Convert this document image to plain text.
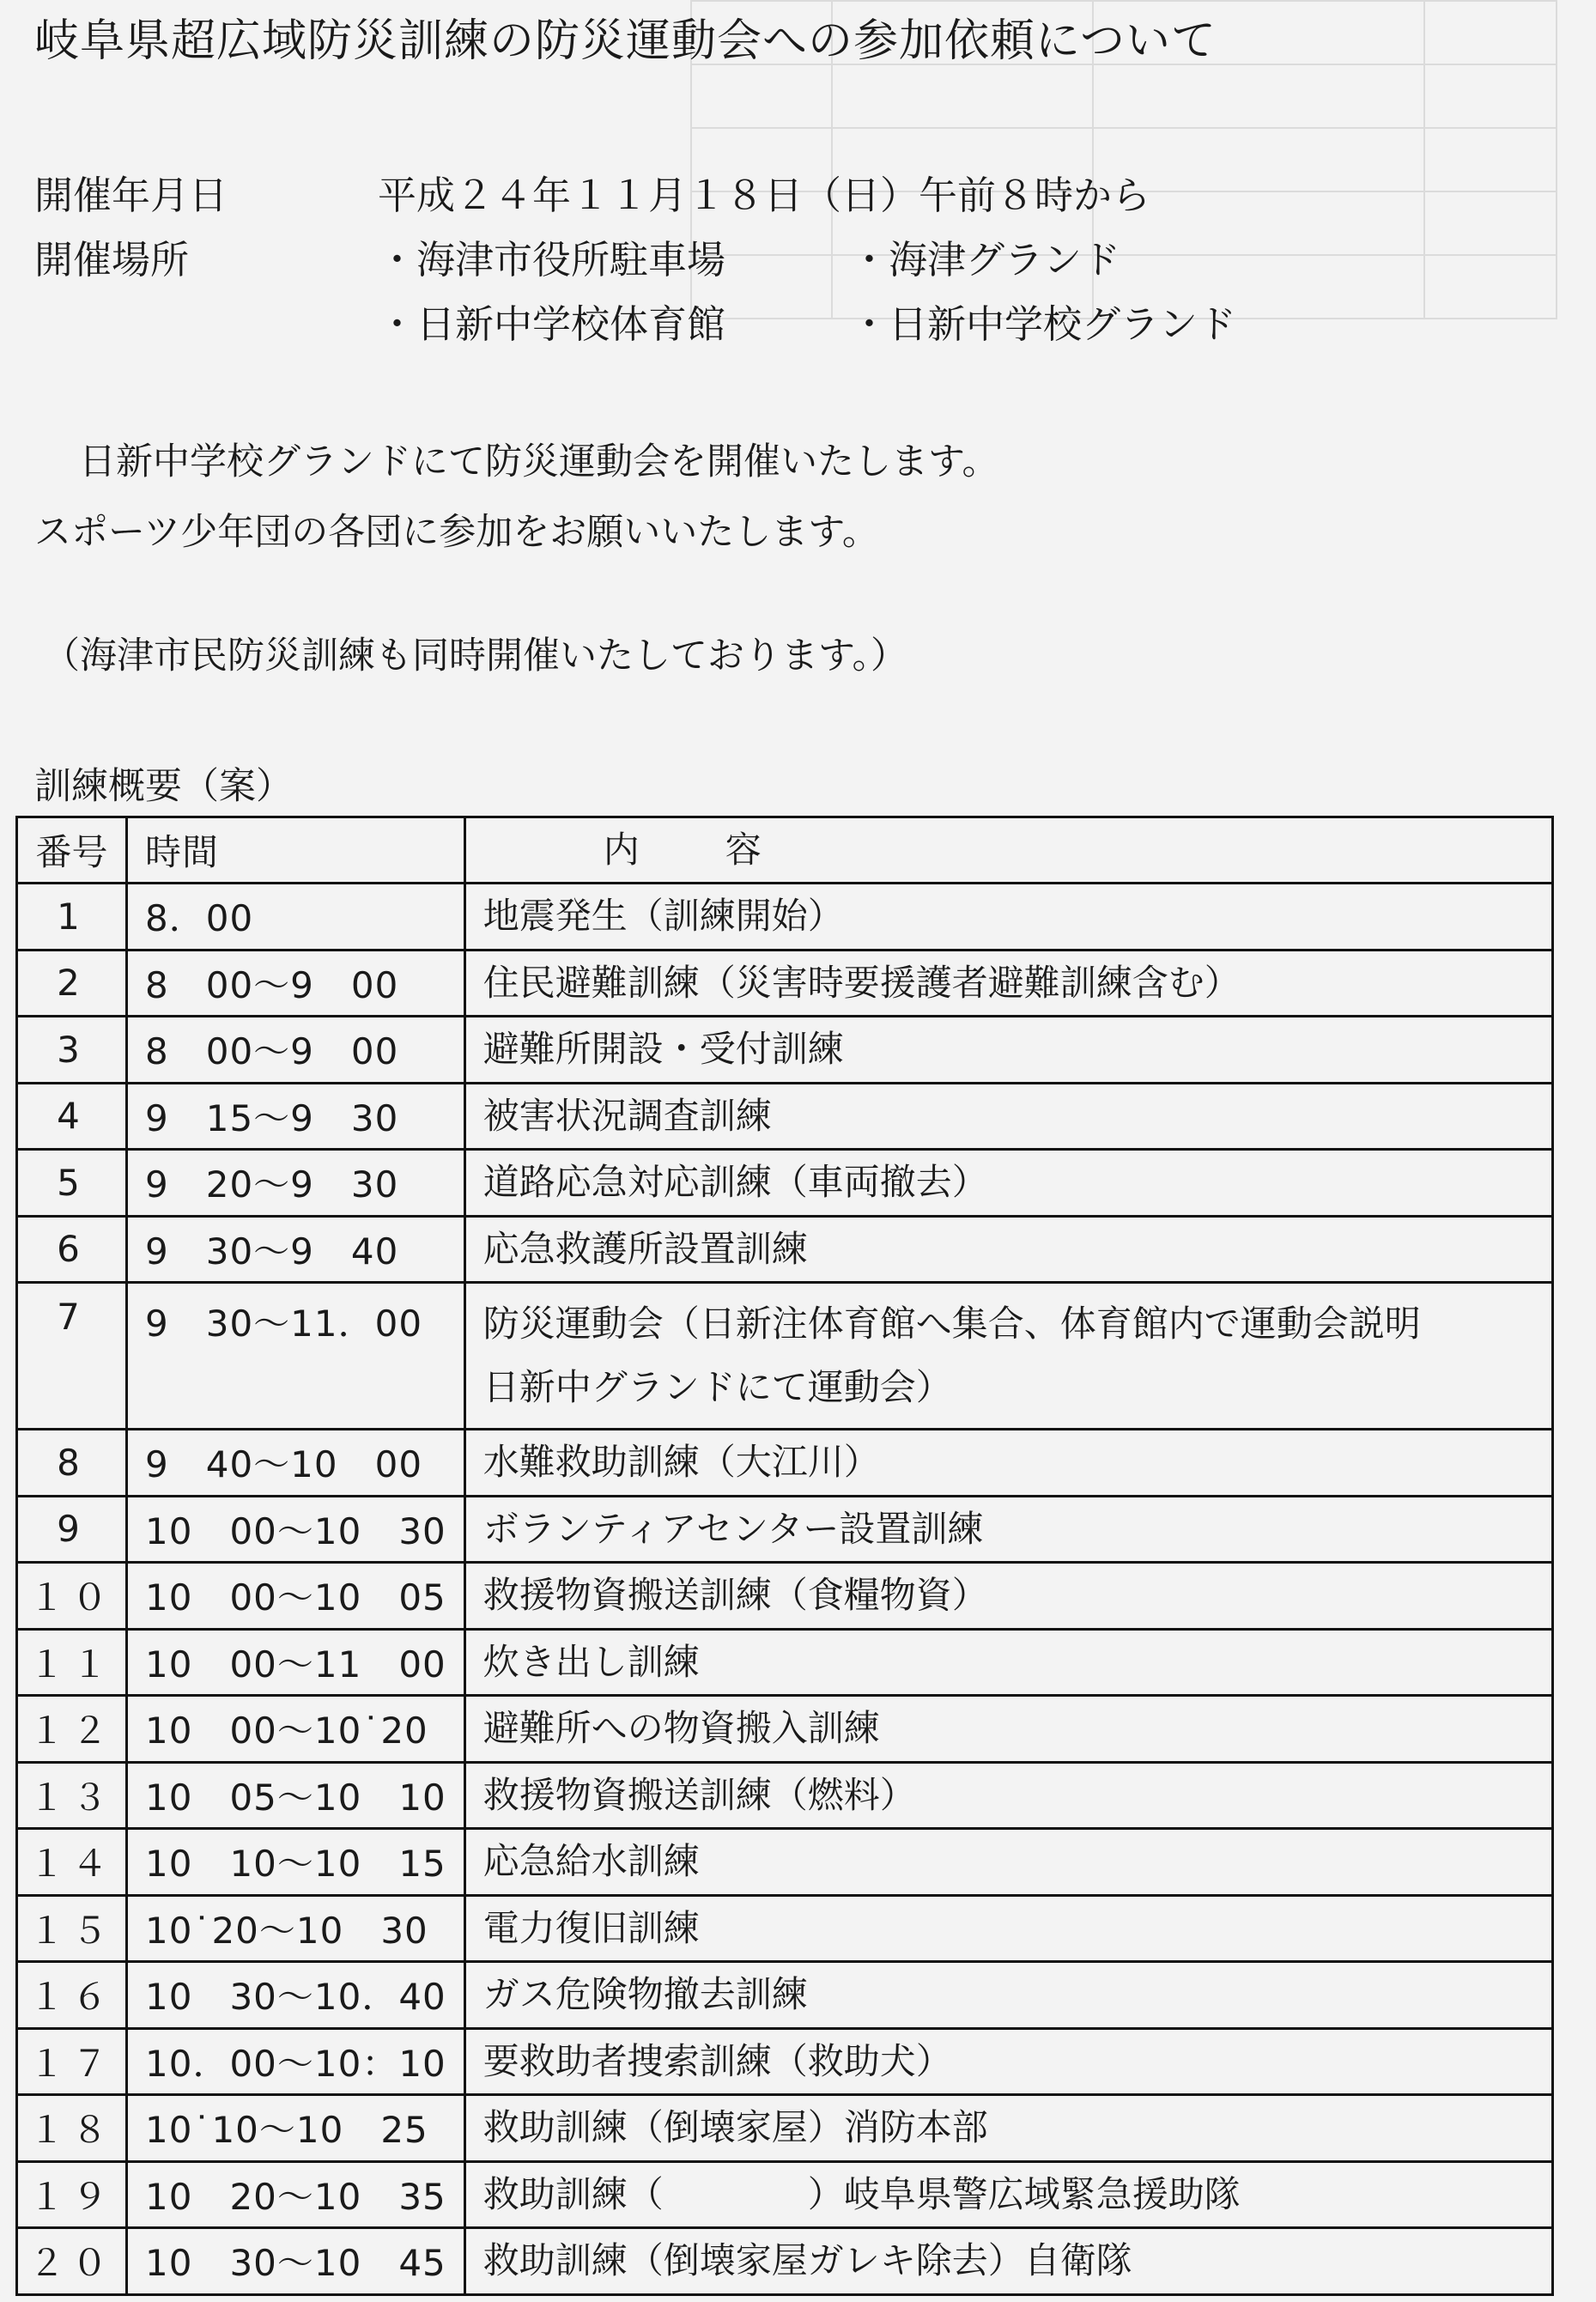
岐阜県超広域防災訓練の防災運動会への参加依頼について
開催年月日	平成２４年１１月１８日（日）午前８時から
開催場所	・海津市役所駐車場	・海津グランド
・日新中学校体育館	・日新中学校グランド
日新中学校グランドにて防災運動会を開催いたします。
スポーツ少年団の各団に参加をお願いいたします。
（海津市民防災訓練も同時開催いたしております。）
訓練概要（案）
番号	時間	内容
1	8．00	地震発生（訓練開始）

2	8　00～9　00	住民避難訓練（災害時要援護者避難訓練含む）

3	8　00～9　00	避難所開設・受付訓練

4	9　15～9　30	被害状況調査訓練

5	9　20～9　30	道路応急対応訓練（車両撤去）

6	9　30～9　40	応急救護所設置訓練

7	9　30～11．00	防災運動会（日新注体育館へ集合、体育館内で運動会説明
日新中グランドにて運動会）

8	9　40～10　00	水難救助訓練（大江川）

9	10　00～10　30	ボランティアセンター設置訓練

１０	10　00～10　05	救援物資搬送訓練（食糧物資）

１１	10　00～11　00	炊き出し訓練

１２	10　00～10˙20	避難所への物資搬入訓練

１３	10　05～10　10	救援物資搬送訓練（燃料）

１４	10　10～10　15	応急給水訓練

１５	10˙20～10　30	電力復旧訓練

１６	10　30～10．40	ガス危険物撤去訓練

１７	10．00～10：10	要救助者捜索訓練（救助犬）

１８	10˙10～10　25	救助訓練（倒壊家屋）消防本部

１９	10　20～10　35	救助訓練（　　　　）岐阜県警広域緊急援助隊

２０	10　30～10　45	救助訓練（倒壊家屋ガレキ除去）自衛隊
